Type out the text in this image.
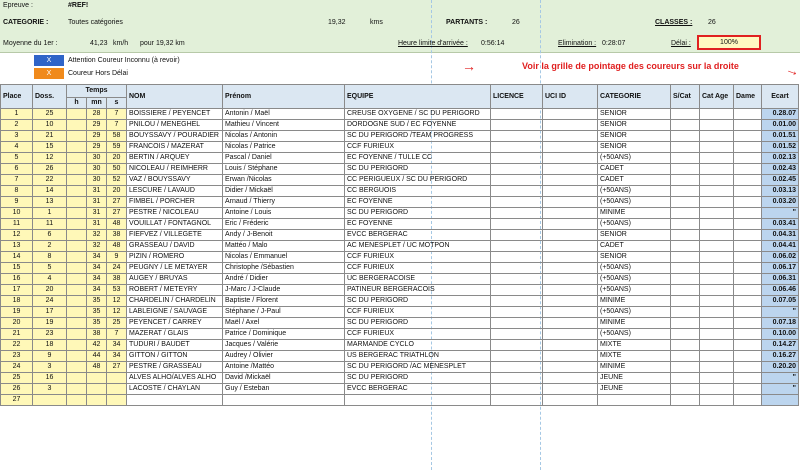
Epreuve :	#REF!
CATEGORIE :	Toutes catégories	19,32	kms	PARTANTS :	26	CLASSES : 26
Moyenne du 1er :	41,23 km/h pour 19,32 km	Heure limite d'arrivée : 0:56:14	Elimination : 0:28:07	Délai :	100%
X	Attention Coureur Inconnu (à revoir)
X	Coureur Hors Délai	→	Voir la grille de pointage des coureurs sur la droite	→
Place	Doss.	Temps			NOM	Prénom	EQUIPE	LICENCE	UCI ID	CATEGORIE	S/Cat	Cat Age	Dame	Ecart
		h	mn	s										
1	25		28	7	BOISSIERE / PEYENCET	Antonin / Maël	CREUSE OXYGENE / SC DU PERIGORD			SENIOR				0.28.07
2	10		29	7	PNILOU / MENEGHEL	Mathieu / Vincent	DORDOGNE SUD / EC FOYENNE			SENIOR				0.01.00
3	21		29	58	BOUYSSAVY / POURADIER	Nicolas / Antonin	SC DU PERIGORD /TEAM PROGRESS			SENIOR				0.01.51
4	15		29	59	FRANCOIS / MAZERAT	Nicolas / Patrice	CCF FURIEUX			SENIOR				0.01.52
5	12		30	20	BERTIN / ARQUEY	Pascal / Daniel	EC FOYENNE / TULLE CC			(+50ANS)				0.02.13
6	26		30	50	NICOLEAU / REIMHERR	Louis / Stéphane	SC DU PERIGORD			CADET				0.02.43
7	22		30	52	VAZ / BOUYSSAVY	Erwan /Nicolas	CC PERIGUEUX / SC DU PERIGORD			CADET				0.02.45
8	14		31	20	LESCURE / LAVAUD	Didier / Mickaël	CC BERGUOIS			(+50ANS)				0.03.13
9	13		31	27	FIMBEL / PORCHER	Arnaud / Thierry	EC FOYENNE			(+50ANS)				0.03.20
10	1		31	27	PESTRE / NICOLEAU	Antoine / Louis	SC DU PERIGORD			MINIME				"
11	11		31	48	VOUILLAT / FONTAGNOL	Eric / Fréderic	EC FOYENNE			(+50ANS)				0.03.41
12	6		32	38	FIEFVEZ / VILLEGETE	Andy / J-Benoit	EVCC BERGERAC			SENIOR				0.04.31
13	2		32	48	GRASSEAU / DAVID	Mattéo / Malo	AC MENESPLET / UC MOTPON			CADET				0.04.41
14	8		34	9	PIZIN / ROMERO	Nicolas / Emmanuel	CCF FURIEUX			SENIOR				0.06.02
15	5		34	24	PEUGNY / LE METAYER	Christophe /Sébastien	CCF FURIEUX			(+50ANS)				0.06.17
16	4		34	38	AUGEY / BRUYAS	André / Didier	UC BERGERACOISE			(+50ANS)				0.06.31
17	20		34	53	ROBERT / METEYRY	J-Marc / J-Claude	PATINEUR BERGERACOIS			(+50ANS)				0.06.46
18	24		35	12	CHARDELIN / CHARDELIN	Baptiste / Florent	SC DU PERIGORD			MINIME				0.07.05
19	17		35	12	LABLEIGNE / SAUVAGE	Stéphane / J-Paul	CCF FURIEUX			(+50ANS)				"
20	19		35	25	PEYENCET / CARREY	Maël / Axel	SC DU PERIGORD			MINIME				0.07.18
21	23		38	7	MAZERAT / GLAIS	Patrice / Dominique	CCF FURIEUX			(+50ANS)				0.10.00
22	18		42	34	TUDURI / BAUDET	Jacques / Valérie	MARMANDE CYCLO			MIXTE				0.14.27
23	9		44	34	GITTON / GITTON	Audrey / Olivier	US BERGERAC TRIATHLON			MIXTE				0.16.27
24	3		48	27	PESTRE / GRASSEAU	Antoine /Mattéo	SC DU PERIGORD /AC MENESPLET			MINIME				0.20.20
25	16				ALVES ALHO/ALVES ALHO	David /Mickaël	SC DU PERIGORD			JEUNE				"
26	3				LACOSTE / CHAYLAN	Guy / Esteban	EVCC BERGERAC			JEUNE				"
27														
